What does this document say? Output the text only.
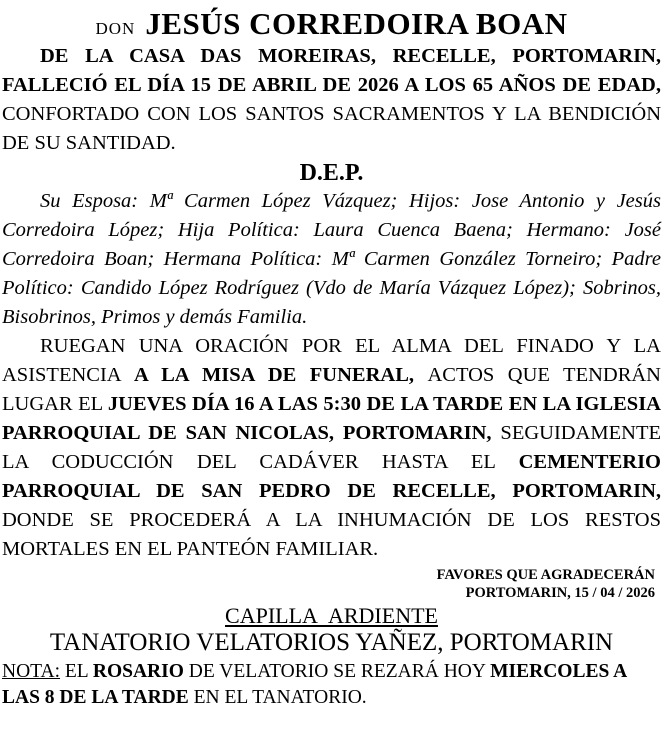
DON JESÚS CORREDOIRA BOAN

DE LA CASA DAS MOREIRAS, RECELLE, PORTOMARIN, FALLECIÓ EL DÍA 15 DE ABRIL DE 2026 A LOS 65 AÑOS DE EDAD, CONFORTADO CON LOS SANTOS SACRAMENTOS Y LA BENDICIÓN DE SU SANTIDAD.

D.E.P.

Su Esposa: Mª Carmen López Vázquez; Hijos: Jose Antonio y Jesús Corredoira López; Hija Política: Laura Cuenca Baena; Hermano: José Corredoira Boan; Hermana Política: Mª Carmen González Torneiro; Padre Político: Candido López Rodríguez (Vdo de María Vázquez López); Sobrinos, Bisobrinos, Primos y demás Familia.

RUEGAN UNA ORACIÓN POR EL ALMA DEL FINADO Y LA ASISTENCIA A LA MISA DE FUNERAL, ACTOS QUE TENDRÁN LUGAR EL JUEVES DÍA 16 A LAS 5:30 DE LA TARDE EN LA IGLESIA PARROQUIAL DE SAN NICOLAS, PORTOMARIN, SEGUIDAMENTE LA CODUCCIÓN DEL CADÁVER HASTA EL CEMENTERIO PARROQUIAL DE SAN PEDRO DE RECELLE, PORTOMARIN, DONDE SE PROCEDERÁ A LA INHUMACIÓN DE LOS RESTOS MORTALES EN EL PANTEÓN FAMILIAR.

FAVORES QUE AGRADECERÁN
PORTOMARIN, 15 / 04 / 2026
CAPILLA ARDIENTE
TANATORIO VELATORIOS YAÑEZ, PORTOMARIN

NOTA: EL ROSARIO DE VELATORIO SE REZARÁ HOY MIERCOLES A LAS 8 DE LA TARDE EN EL TANATORIO.
